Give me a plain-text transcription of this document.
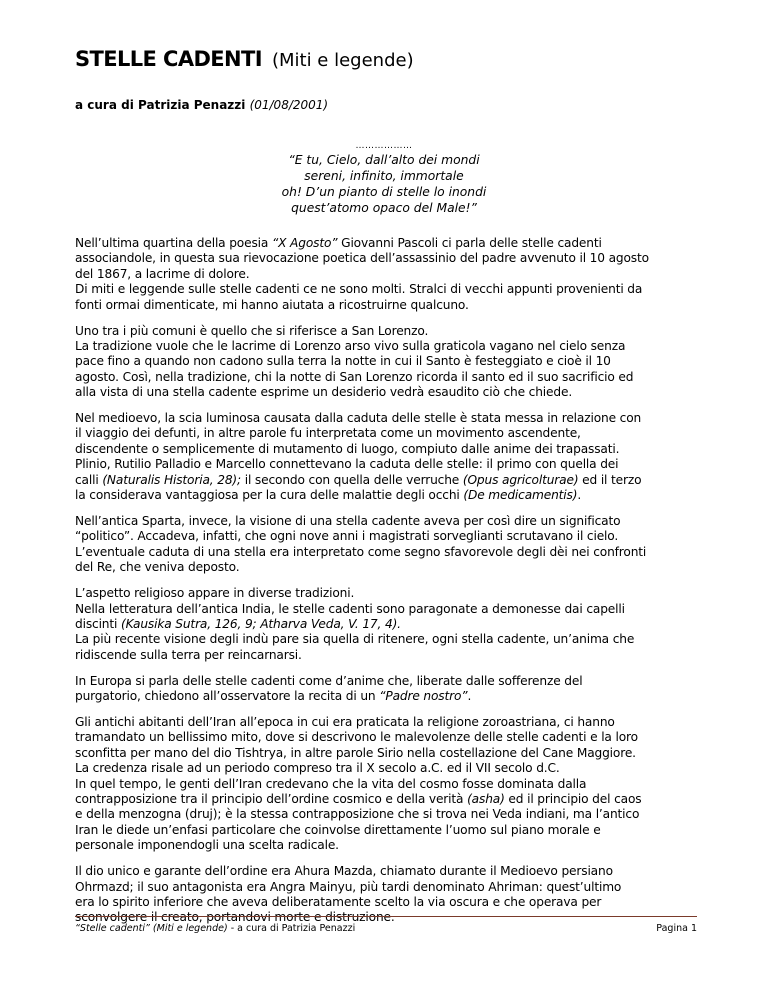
STELLE CADENTI (Miti e legende)
a cura di Patrizia Penazzi (01/08/2001)
………………
“E tu, Cielo, dall’alto dei mondi
sereni, infinito, immortale
oh! D’un pianto di stelle lo inondi
quest’atomo opaco del Male!”

Nell’ultima quartina della poesia “X Agosto” Giovanni Pascoli ci parla delle stelle cadenti
associandole, in questa sua rievocazione poetica dell’assassinio del padre avvenuto il 10 agosto
del 1867, a lacrime di dolore.
Di miti e leggende sulle stelle cadenti ce ne sono molti. Stralci di vecchi appunti provenienti da
fonti ormai dimenticate, mi hanno aiutata a ricostruirne qualcuno.

Uno tra i più comuni è quello che si riferisce a San Lorenzo.
La tradizione vuole che le lacrime di Lorenzo arso vivo sulla graticola vagano nel cielo senza
pace fino a quando non cadono sulla terra la notte in cui il Santo è festeggiato e cioè il 10
agosto. Così, nella tradizione, chi la notte di San Lorenzo ricorda il santo ed il suo sacrificio ed
alla vista di una stella cadente esprime un desiderio vedrà esaudito ciò che chiede.

Nel medioevo, la scia luminosa causata dalla caduta delle stelle è stata messa in relazione con
il viaggio dei defunti, in altre parole fu interpretata come un movimento ascendente,
discendente o semplicemente di mutamento di luogo, compiuto dalle anime dei trapassati.
Plinio, Rutilio Palladio e Marcello connettevano la caduta delle stelle: il primo con quella dei
calli (Naturalis Historia, 28); il secondo con quella delle verruche (Opus agricolturae) ed il terzo
la considerava vantaggiosa per la cura delle malattie degli occhi (De medicamentis).

Nell’antica Sparta, invece, la visione di una stella cadente aveva per così dire un significato
“politico”. Accadeva, infatti, che ogni nove anni i magistrati sorveglianti scrutavano il cielo.
L’eventuale caduta di una stella era interpretato come segno sfavorevole degli dèi nei confronti
del Re, che veniva deposto.

L’aspetto religioso appare in diverse tradizioni.
Nella letteratura dell’antica India, le stelle cadenti sono paragonate a demonesse dai capelli
discinti (Kausika Sutra, 126, 9; Atharva Veda, V. 17, 4).
La più recente visione degli indù pare sia quella di ritenere, ogni stella cadente, un’anima che
ridiscende sulla terra per reincarnarsi.

In Europa si parla delle stelle cadenti come d’anime che, liberate dalle sofferenze del
purgatorio, chiedono all’osservatore la recita di un “Padre nostro”.

Gli antichi abitanti dell’Iran all’epoca in cui era praticata la religione zoroastriana, ci hanno
tramandato un bellissimo mito, dove si descrivono le malevolenze delle stelle cadenti e la loro
sconfitta per mano del dio Tishtrya, in altre parole Sirio nella costellazione del Cane Maggiore.
La credenza risale ad un periodo compreso tra il X secolo a.C. ed il VII secolo d.C.
In quel tempo, le genti dell’Iran credevano che la vita del cosmo fosse dominata dalla
contrapposizione tra il principio dell’ordine cosmico e della verità (asha) ed il principio del caos
e della menzogna (druj); è la stessa contrapposizione che si trova nei Veda indiani, ma l’antico
Iran le diede un’enfasi particolare che coinvolse direttamente l’uomo sul piano morale e
personale imponendogli una scelta radicale.

Il dio unico e garante dell’ordine era Ahura Mazda, chiamato durante il Medioevo persiano
Ohrmazd; il suo antagonista era Angra Mainyu, più tardi denominato Ahriman: quest’ultimo
era lo spirito inferiore che aveva deliberatamente scelto la via oscura e che operava per
sconvolgere il creato, portandovi morte e distruzione.

“Stelle cadenti” (Miti e legende) - a cura di Patrizia Penazzi	Pagina 1
